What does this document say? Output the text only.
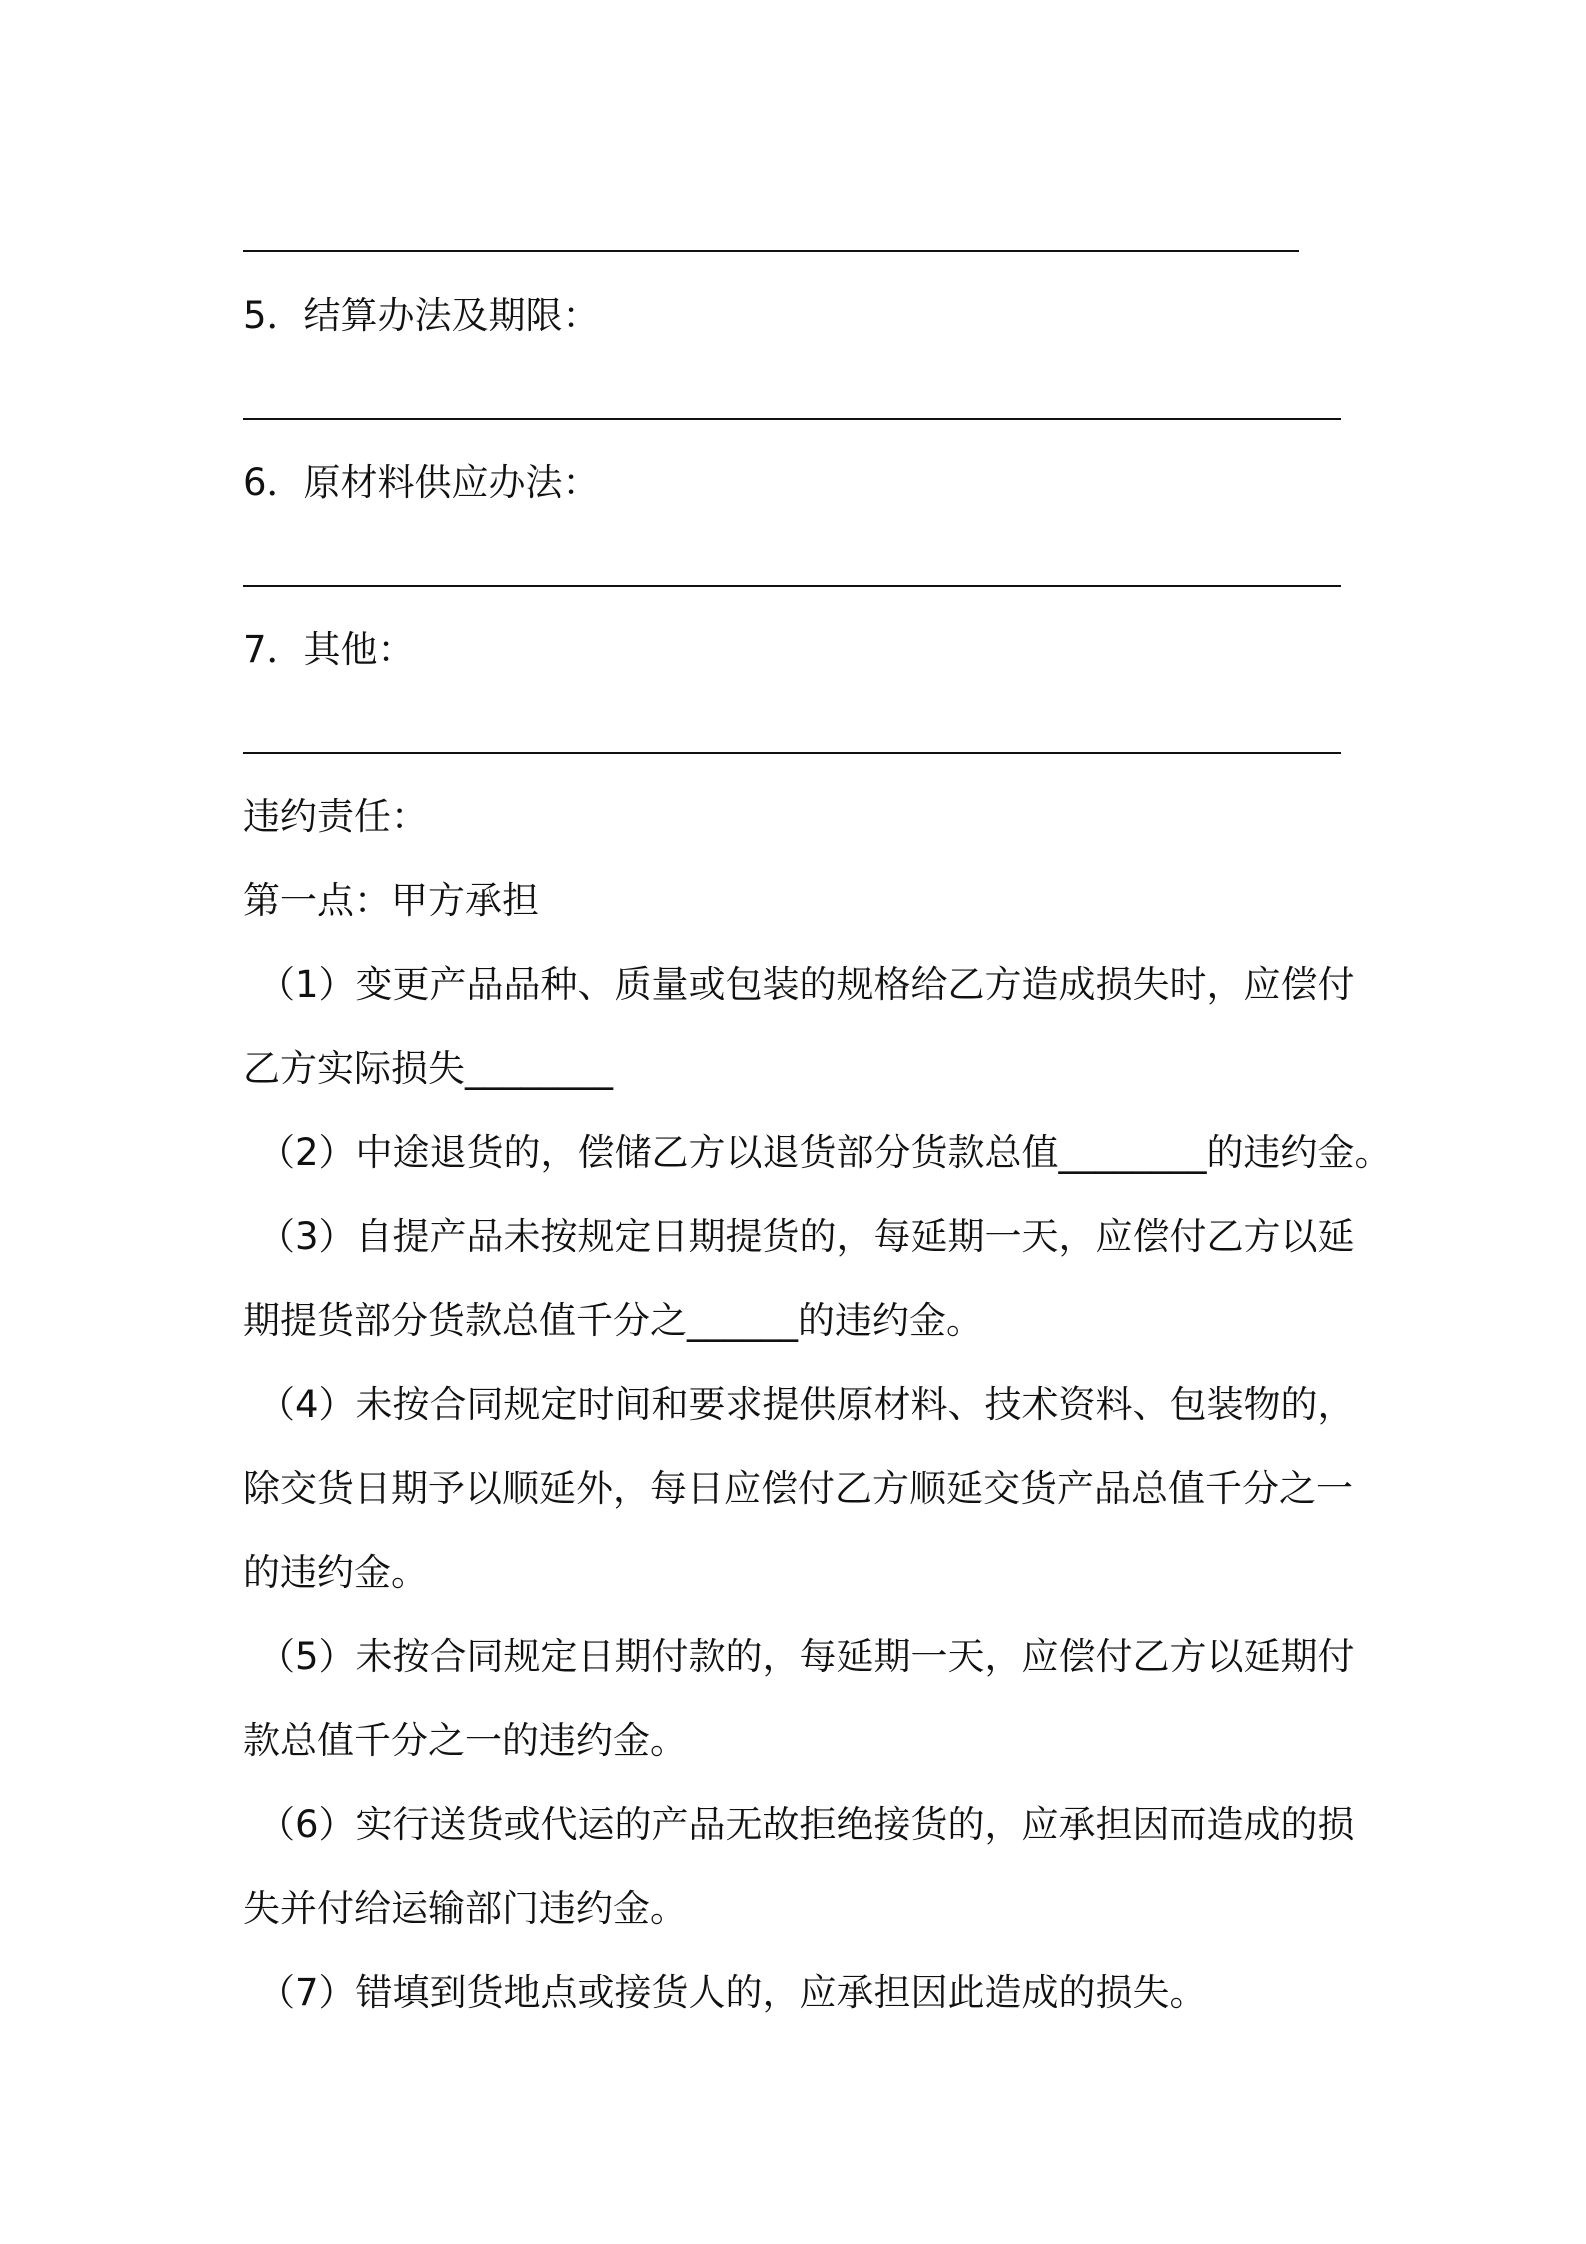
5．结算办法及期限：
6．原材料供应办法：
7．其他：
违约责任：
第一点：甲方承担
（1）变更产品品种、质量或包装的规格给乙方造成损失时，应偿付
乙方实际损失________
（2）中途退货的，偿储乙方以退货部分货款总值________的违约金。
（3）自提产品未按规定日期提货的，每延期一天，应偿付乙方以延
期提货部分货款总值千分之______的违约金。
（4）未按合同规定时间和要求提供原材料、技术资料、包装物的，
除交货日期予以顺延外，每日应偿付乙方顺延交货产品总值千分之一
的违约金。
（5）未按合同规定日期付款的，每延期一天，应偿付乙方以延期付
款总值千分之一的违约金。
（6）实行送货或代运的产品无故拒绝接货的，应承担因而造成的损
失并付给运输部门违约金。
（7）错填到货地点或接货人的，应承担因此造成的损失。
